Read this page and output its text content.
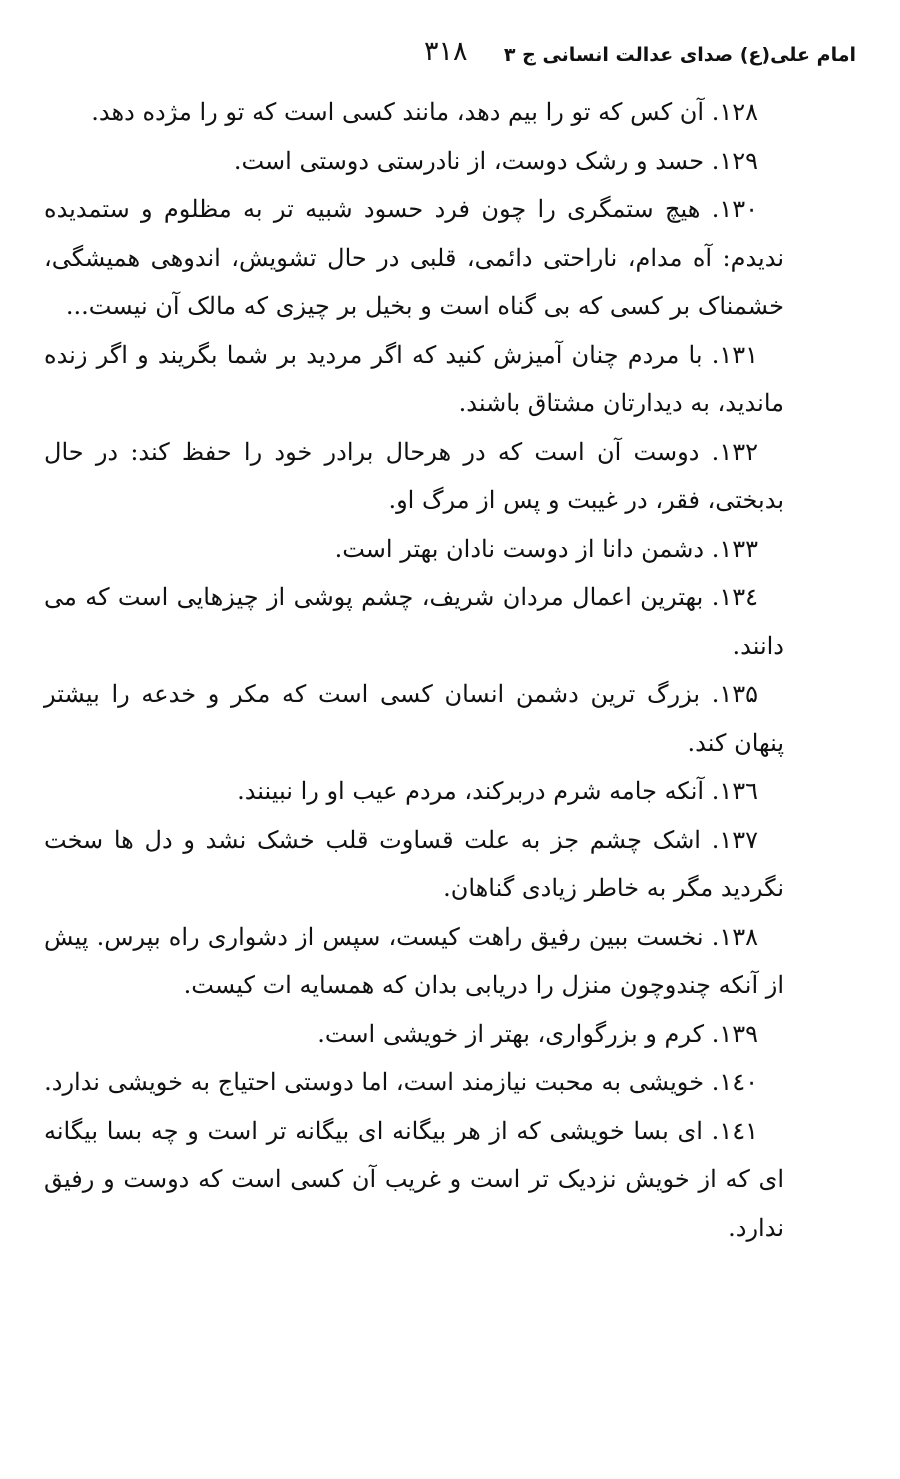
امام علی(ع) صدای عدالت انسانی ج ۳
۳۱۸

۱۲۸. آن کس که تو را بیم دهد، مانند کسی است که تو را مژده دهد.

۱۲۹. حسد و رشک دوست، از نادرستی دوستی است.

۱۳۰. هیچ ستمگری را چون فرد حسود شبیه تر به مظلوم و ستمدیده ندیدم: آه مدام، ناراحتی دائمی، قلبی در حال تشویش، اندوهی همیشگی، خشمناک بر کسی که بی گناه است و بخیل بر چیزی که مالک آن نیست...

۱۳۱. با مردم چنان آمیزش کنید که اگر مردید بر شما بگریند و اگر زنده ماندید، به دیدارتان مشتاق باشند.

۱۳۲. دوست آن است که در هرحال برادر خود را حفظ کند: در حال بدبختی، فقر، در غیبت و پس از مرگ او.

۱۳۳. دشمن دانا از دوست نادان بهتر است.

۱۳٤. بهترین اعمال مردان شریف، چشم پوشی از چیزهایی است که می دانند.

۱۳۵. بزرگ ترین دشمن انسان کسی است که مکر و خدعه را بیشتر پنهان کند.

۱۳٦. آنکه جامه شرم دربرکند، مردم عیب او را نبینند.

۱۳۷. اشک چشم جز به علت قساوت قلب خشک نشد و دل ها سخت نگردید مگر به خاطر زیادی گناهان.

۱۳۸. نخست ببین رفیق راهت کیست، سپس از دشواری راه بپرس. پیش از آنکه چندوچون منزل را دریابی بدان که همسایه ات کیست.

۱۳۹. کرم و بزرگواری، بهتر از خویشی است.

۱٤۰. خویشی به محبت نیازمند است، اما دوستی احتیاج به خویشی ندارد.

۱٤۱. ای بسا خویشی که از هر بیگانه ای بیگانه تر است و چه بسا بیگانه ای که از خویش نزدیک تر است و غریب آن کسی است که دوست و رفیق ندارد.
